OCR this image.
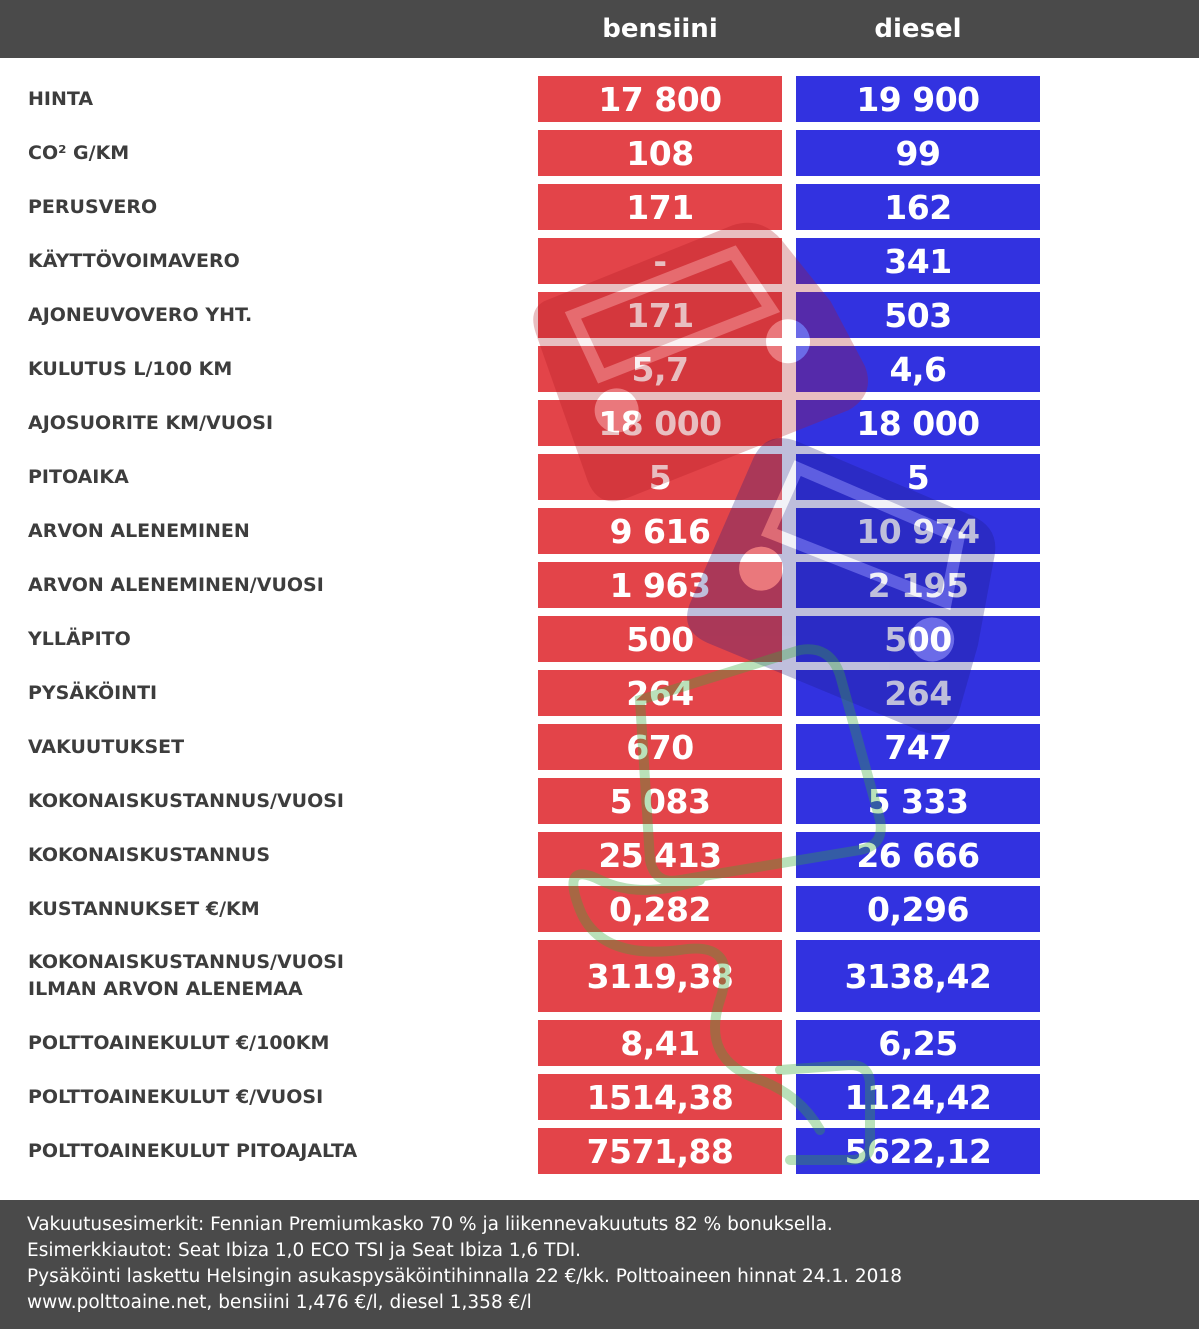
bensiini	diesel
HINTA	17 800	19 900
CO² G/KM	108	99
PERUSVERO	171	162
KÄYTTÖVOIMAVERO	-	341
AJONEUVOVERO YHT.	171	503
KULUTUS L/100 KM	5,7	4,6
AJOSUORITE KM/VUOSI	18 000	18 000
PITOAIKA	5	5
ARVON ALENEMINEN	9 616	10 974
ARVON ALENEMINEN/VUOSI	1 963	2 195
YLLÄPITO	500	500
PYSÄKÖINTI	264	264
VAKUUTUKSET	670	747
KOKONAISKUSTANNUS/VUOSI	5 083	5 333
KOKONAISKUSTANNUS	25 413	26 666
KUSTANNUKSET €/KM	0,282	0,296
KOKONAISKUSTANNUS/VUOSI
ILMAN ARVON ALENEMAA	3119,38	3138,42
POLTTOAINEKULUT €/100KM	8,41	6,25
POLTTOAINEKULUT €/VUOSI	1514,38	1124,42
POLTTOAINEKULUT PITOAJALTA	7571,88	5622,12
Vakuutusesimerkit: Fennian Premiumkasko 70 % ja liikennevakuututs 82 % bonuksella.
Esimerkkiautot: Seat Ibiza 1,0 ECO TSI ja Seat Ibiza 1,6 TDI.
Pysäköinti laskettu Helsingin asukaspysäköintihinnalla 22 €/kk. Polttoaineen hinnat 24.1. 2018
www.polttoaine.net, bensiini 1,476 €/l, diesel 1,358 €/l
